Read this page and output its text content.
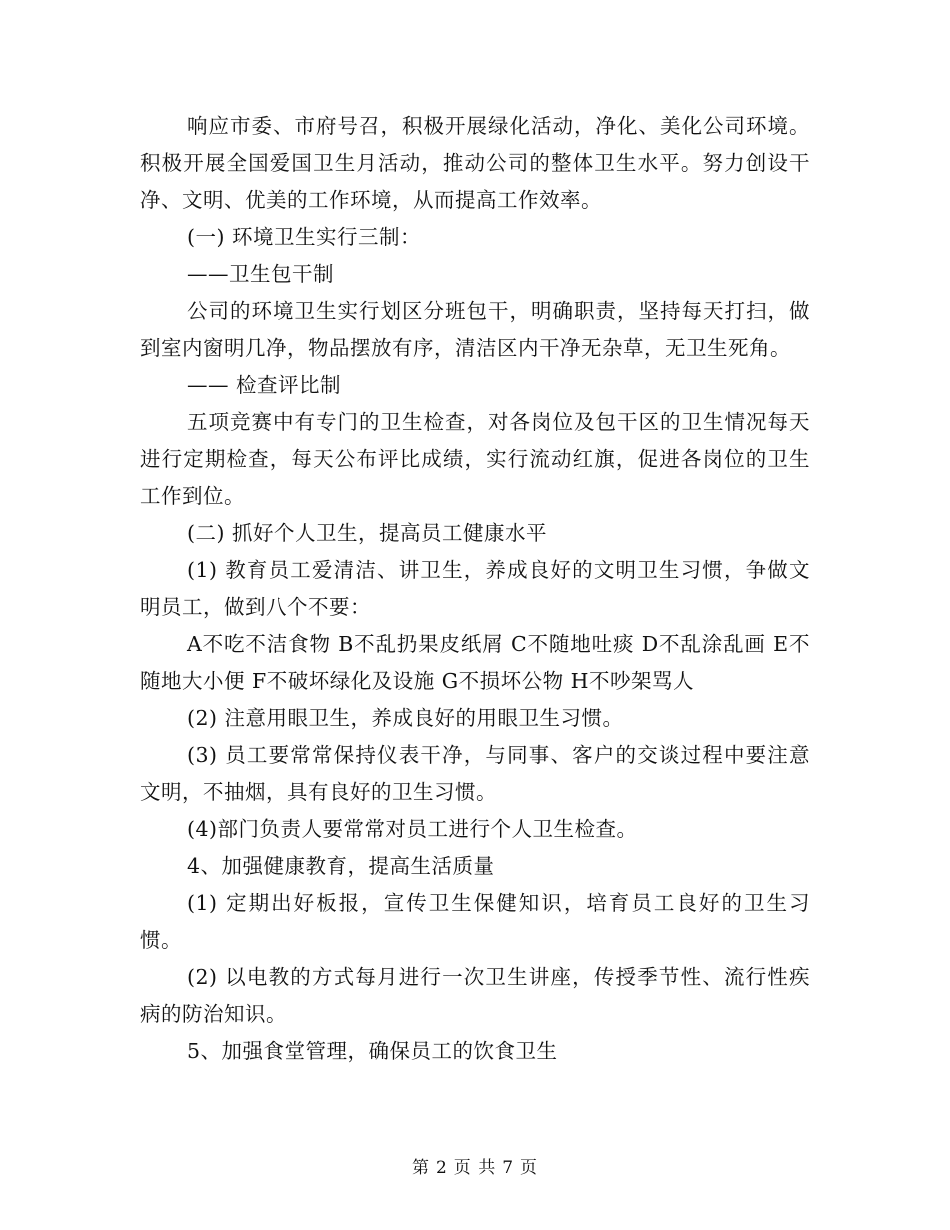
响应市委、市府号召，积极开展绿化活动，净化、美化公司环境。积极开展全国爱国卫生月活动，推动公司的整体卫生水平。努力创设干净、文明、优美的工作环境，从而提高工作效率。

(一) 环境卫生实行三制：

——卫生包干制

公司的环境卫生实行划区分班包干，明确职责，坚持每天打扫，做到室内窗明几净，物品摆放有序，清洁区内干净无杂草，无卫生死角。

—— 检查评比制

五项竞赛中有专门的卫生检查，对各岗位及包干区的卫生情况每天进行定期检查，每天公布评比成绩，实行流动红旗，促进各岗位的卫生工作到位。

(二) 抓好个人卫生，提高员工健康水平

(1) 教育员工爱清洁、讲卫生，养成良好的文明卫生习惯，争做文明员工，做到八个不要：

A不吃不洁食物 B不乱扔果皮纸屑 C不随地吐痰 D不乱涂乱画 E不随地大小便 F不破坏绿化及设施 G不损坏公物 H不吵架骂人

(2) 注意用眼卫生，养成良好的用眼卫生习惯。

(3) 员工要常常保持仪表干净，与同事、客户的交谈过程中要注意文明，不抽烟，具有良好的卫生习惯。

(4)部门负责人要常常对员工进行个人卫生检查。

4、加强健康教育，提高生活质量

(1) 定期出好板报，宣传卫生保健知识，培育员工良好的卫生习惯。

(2) 以电教的方式每月进行一次卫生讲座，传授季节性、流行性疾病的防治知识。

5、加强食堂管理，确保员工的饮食卫生

第 2 页 共 7 页
